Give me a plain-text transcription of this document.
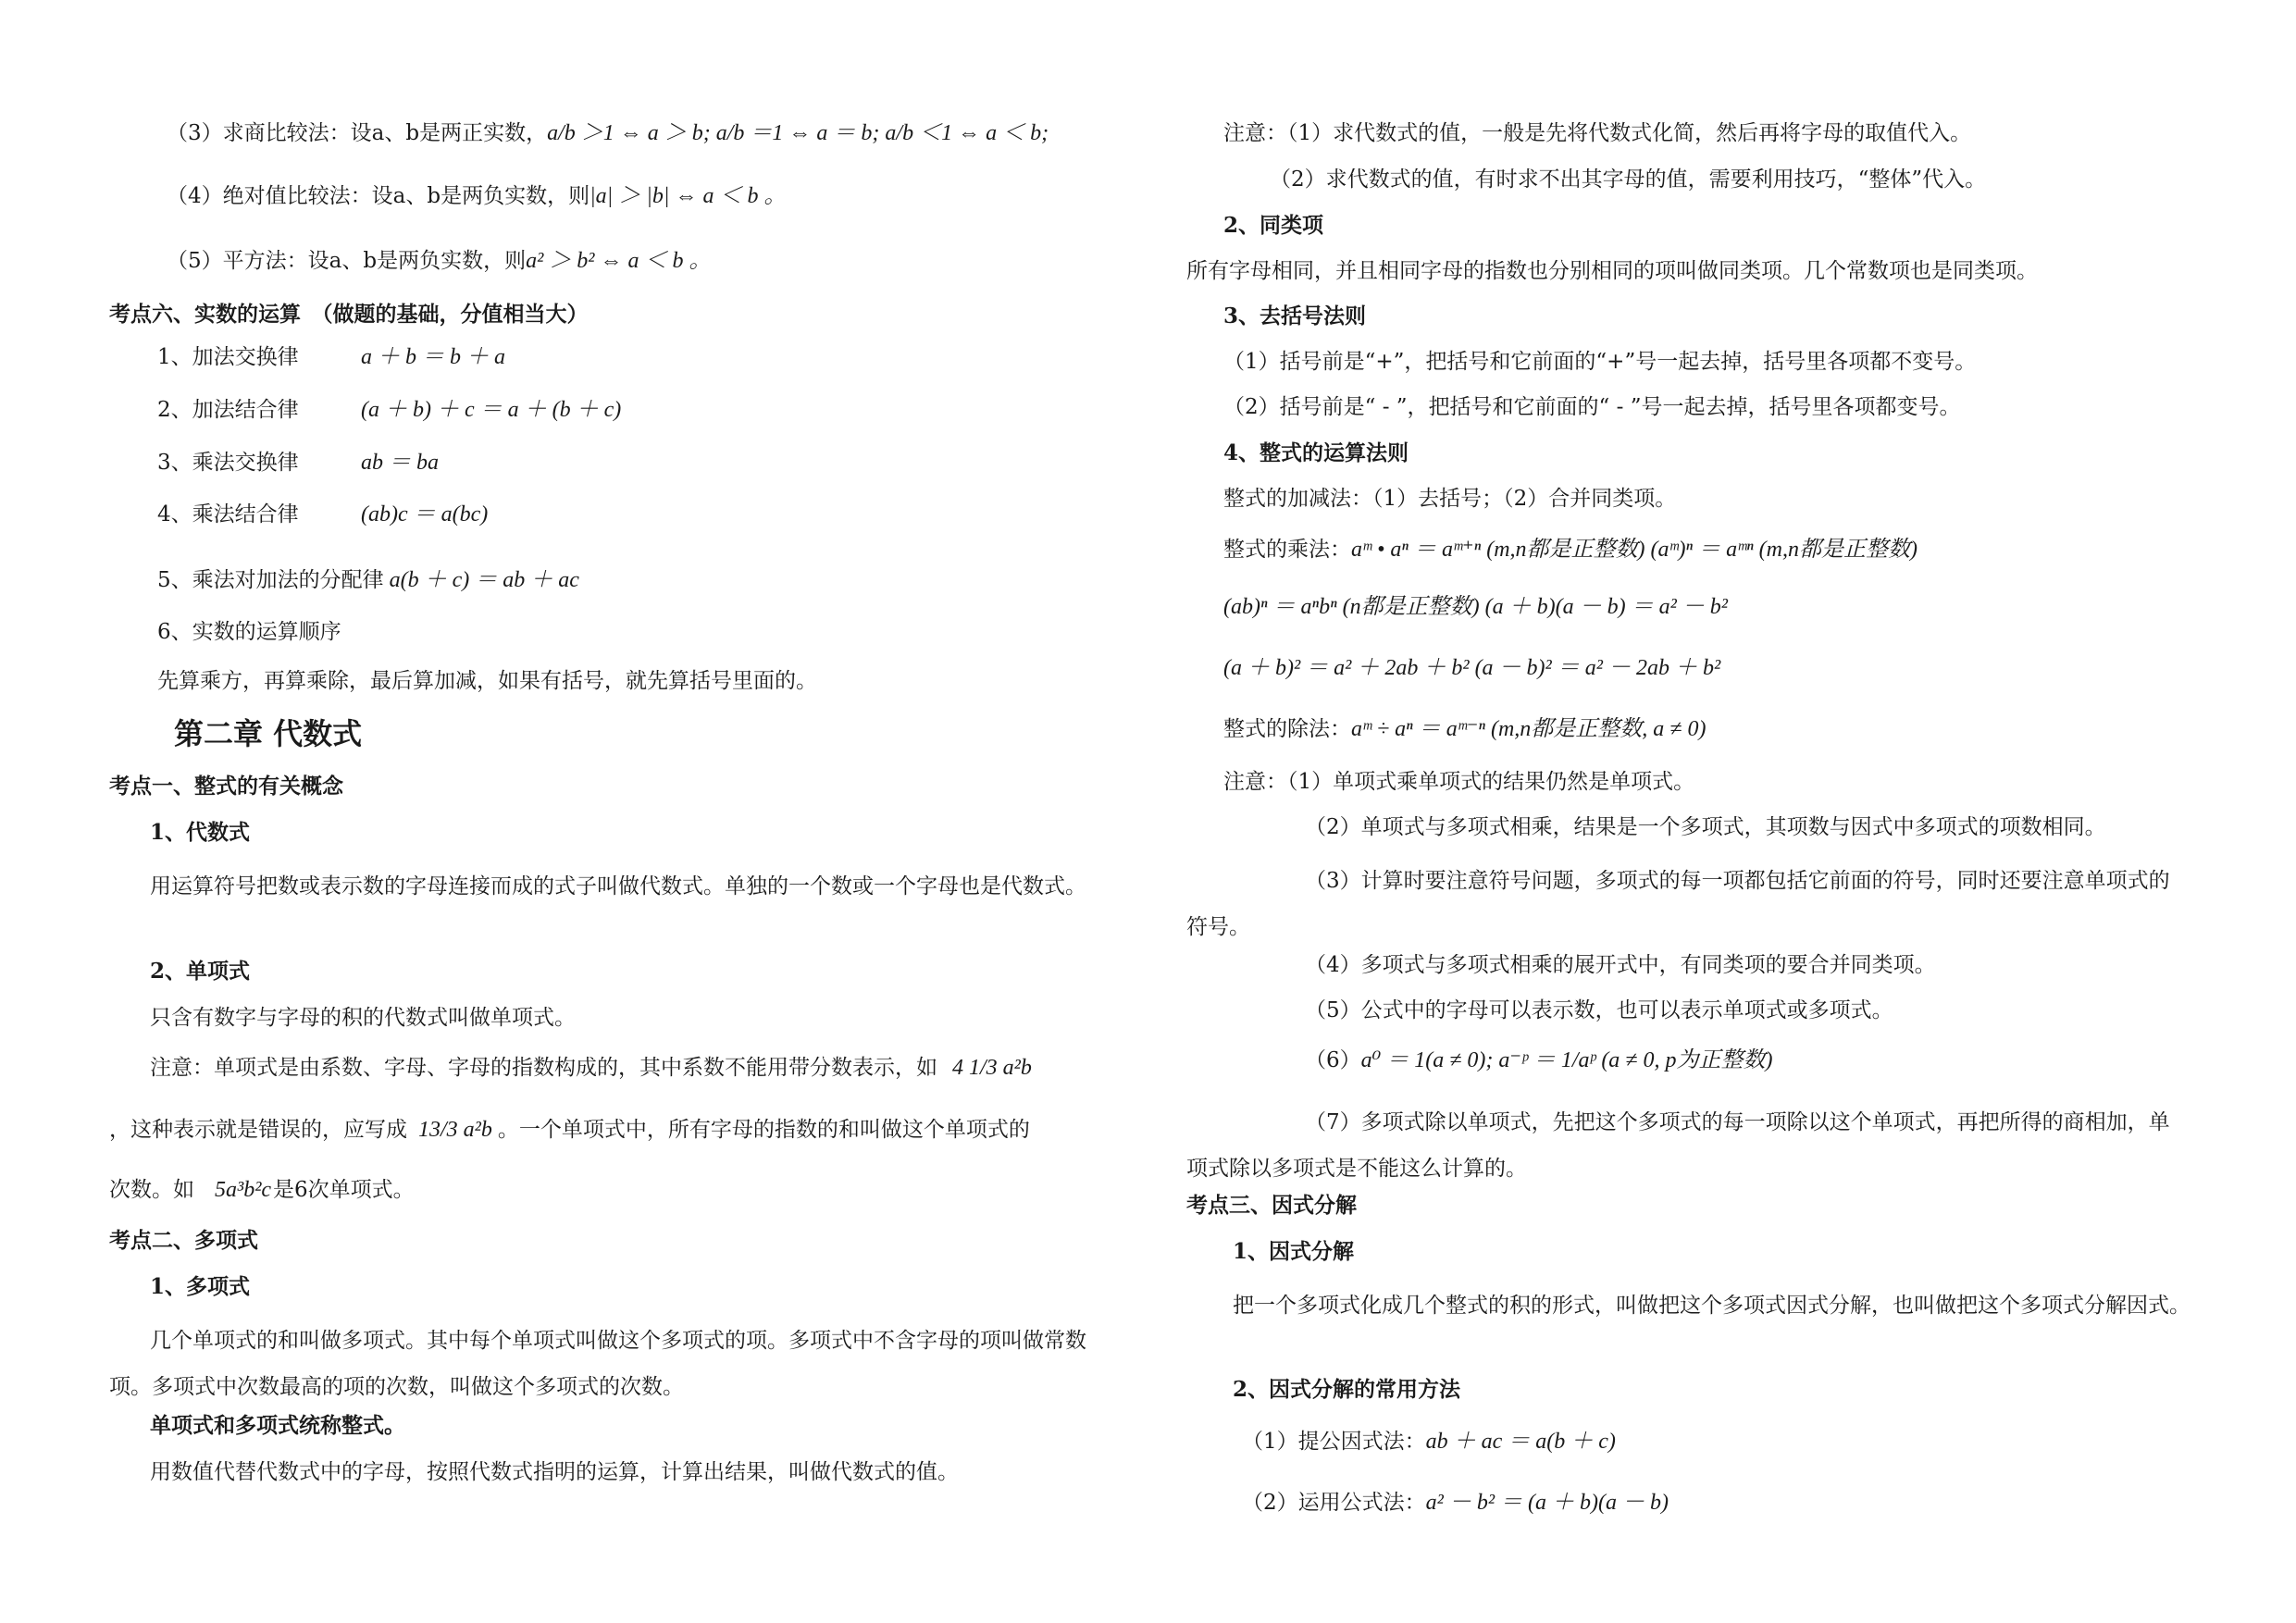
（3）求商比较法：设a、b是两正实数，a/b ＞1 ⇔ a ＞ b; a/b ＝1 ⇔ a ＝ b; a/b ＜1 ⇔ a ＜ b;
（4）绝对值比较法：设a、b是两负实数，则|a| ＞ |b| ⇔ a ＜ b 。
（5）平方法：设a、b是两负实数，则a² ＞ b² ⇔ a ＜ b 。
考点六、实数的运算　（做题的基础，分值相当大）
1、加法交换律	a ＋ b ＝ b ＋ a
2、加法结合律	(a ＋ b) ＋ c ＝ a ＋ (b ＋ c)
3、乘法交换律	ab ＝ ba
4、乘法结合律	(ab)c ＝ a(bc)
5、乘法对加法的分配律 a(b ＋ c) ＝ ab ＋ ac
6、实数的运算顺序
先算乘方，再算乘除，最后算加减，如果有括号，就先算括号里面的。
第二章 代数式
考点一、整式的有关概念
1、代数式
用运算符号把数或表示数的字母连接而成的式子叫做代数式。单独的一个数或一个字母也是代数式。
2、单项式
只含有数字与字母的积的代数式叫做单项式。
注意：单项式是由系数、字母、字母的指数构成的，其中系数不能用带分数表示，如 4 1/3 a²b
，这种表示就是错误的，应写成 13/3 a²b 。一个单项式中，所有字母的指数的和叫做这个单项式的
次数。如 5a³b²c是6次单项式。
考点二、多项式
1、多项式
几个单项式的和叫做多项式。其中每个单项式叫做这个多项式的项。多项式中不含字母的项叫做常数项。多项式中次数最高的项的次数，叫做这个多项式的次数。
单项式和多项式统称整式。
用数值代替代数式中的字母，按照代数式指明的运算，计算出结果，叫做代数式的值。
注意：（1）求代数式的值，一般是先将代数式化简，然后再将字母的取值代入。
（2）求代数式的值，有时求不出其字母的值，需要利用技巧，“整体”代入。
2、同类项
所有字母相同，并且相同字母的指数也分别相同的项叫做同类项。几个常数项也是同类项。
3、去括号法则
（1）括号前是“+”，把括号和它前面的“+”号一起去掉，括号里各项都不变号。
（2）括号前是“ - ”，把括号和它前面的“ - ”号一起去掉，括号里各项都变号。
4、整式的运算法则
整式的加减法：（1）去括号；（2）合并同类项。
整式的乘法：aᵐ • aⁿ ＝ aᵐ⁺ⁿ (m,n都是正整数) (aᵐ)ⁿ ＝ aᵐⁿ (m,n都是正整数)
(ab)ⁿ ＝ aⁿbⁿ (n都是正整数) (a ＋ b)(a － b) ＝ a² － b²
(a ＋ b)² ＝ a² ＋ 2ab ＋ b² (a － b)² ＝ a² － 2ab ＋ b²
整式的除法：aᵐ ÷ aⁿ ＝ aᵐ⁻ⁿ (m,n都是正整数, a ≠ 0)
注意：（1）单项式乘单项式的结果仍然是单项式。
（2）单项式与多项式相乘，结果是一个多项式，其项数与因式中多项式的项数相同。
（3）计算时要注意符号问题，多项式的每一项都包括它前面的符号，同时还要注意单项式的符号。
（4）多项式与多项式相乘的展开式中，有同类项的要合并同类项。
（5）公式中的字母可以表示数，也可以表示单项式或多项式。
（6）a⁰ ＝ 1(a ≠ 0); a⁻ᵖ ＝ 1/aᵖ (a ≠ 0, p为正整数)
（7）多项式除以单项式，先把这个多项式的每一项除以这个单项式，再把所得的商相加，单项式除以多项式是不能这么计算的。
考点三、因式分解
1、因式分解
把一个多项式化成几个整式的积的形式，叫做把这个多项式因式分解，也叫做把这个多项式分解因式。
2、因式分解的常用方法
（1）提公因式法：ab ＋ ac ＝ a(b ＋ c)
（2）运用公式法：a² － b² ＝ (a ＋ b)(a － b)
